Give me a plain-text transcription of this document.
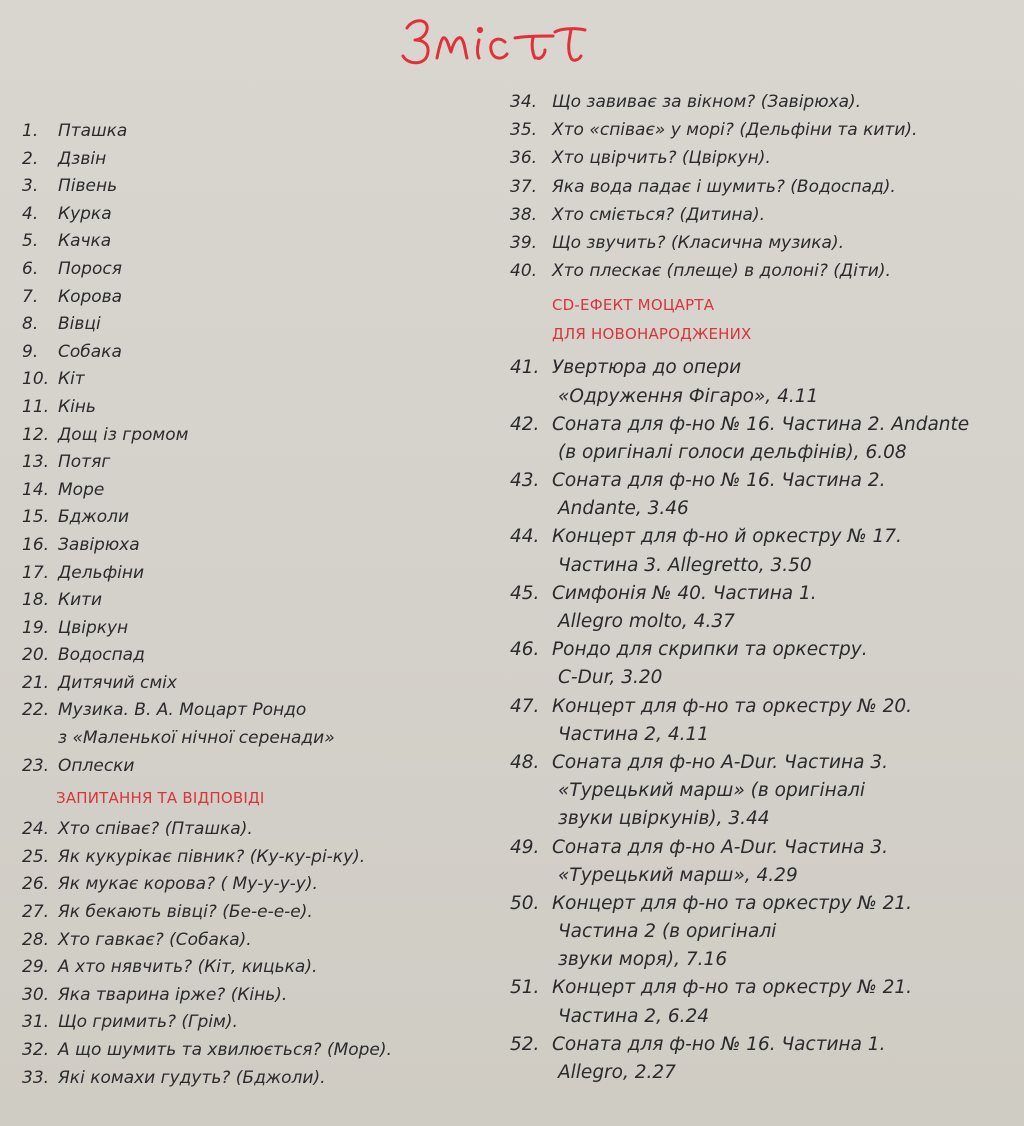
1.	Пташка
2.	Дзвін
3.	Півень
4.	Курка
5.	Качка
6.	Порося
7.	Корова
8.	Вівці
9.	Собака
10. Кіт
11. Кінь
12. Дощ із громом
13. Потяг
14. Море
15. Бджоли
16. Завірюха
17. Дельфіни
18. Кити
19. Цвіркун
20. Водоспад
21. Дитячий сміх
22. Музика. В. А. Моцарт Рондо
з «Маленької нічної серенади»
23. Оплески
ЗАПИТАННЯ ТА ВІДПОВІДІ
24. Хто співає? (Пташка).
25. Як кукурікає півник? (Ку-ку-рі-ку).
26. Як мукає корова? ( Му-у-у-у).
27. Як бекають вівці? (Бе-е-е-е).
28. Хто гавкає? (Собака).
29. А хто нявчить? (Кіт, кицька).
30. Яка тварина ірже? (Кінь).
31. Що гримить? (Грім).
32. А що шумить та хвилюється? (Море).
33. Які комахи гудуть? (Бджоли).
34. Що завиває за вікном? (Завірюха).
35. Хто «співає» у морі? (Дельфіни та кити).
36. Хто цвірчить? (Цвіркун).
37. Яка вода падає і шумить? (Водоспад).
38. Хто сміється? (Дитина).
39. Що звучить? (Класична музика).
40. Хто плескає (плеще) в долоні? (Діти).
CD-ЕФЕКТ МОЦАРТА
ДЛЯ НОВОНАРОДЖЕНИХ
41. Увертюра до опери
«Одруження Фігаро», 4.11
42. Соната для ф-но № 16. Частина 2. Andante
(в оригіналі голоси дельфінів), 6.08
43. Соната для ф-но № 16. Частина 2.
Andante, 3.46
44. Концерт для ф-но й оркестру № 17.
Частина 3. Allegretto, 3.50
45. Симфонія № 40. Частина 1.
Allegro molto, 4.37
46. Рондо для скрипки та оркестру.
C-Dur, 3.20
47. Концерт для ф-но та оркестру № 20.
Частина 2, 4.11
48. Соната для ф-но A-Dur. Частина 3.
«Турецький марш» (в оригіналі
звуки цвіркунів), 3.44
49. Соната для ф-но A-Dur. Частина 3.
«Турецький марш», 4.29
50. Концерт для ф-но та оркестру № 21.
Частина 2 (в оригіналі
звуки моря), 7.16
51. Концерт для ф-но та оркестру № 21.
Частина 2, 6.24
52. Соната для ф-но № 16. Частина 1.
Allegro, 2.27
